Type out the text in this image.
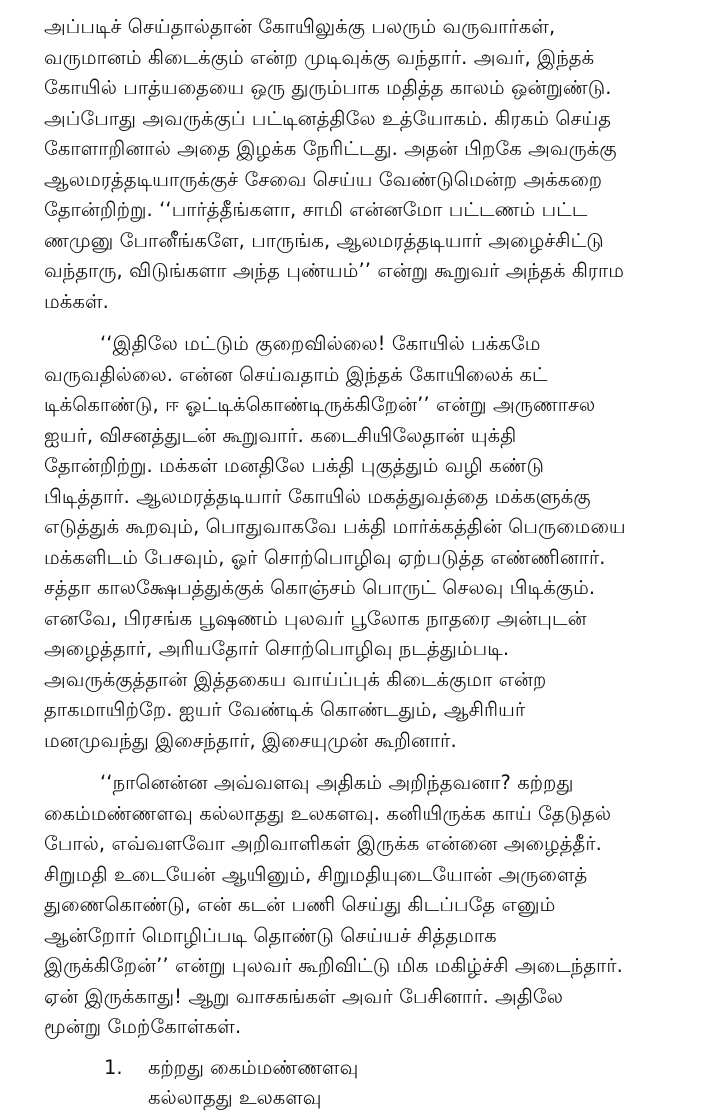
அப்படிச் செய்தால்தான் கோயிலுக்கு பலரும் வருவார்கள்,
வருமானம் கிடைக்கும் என்ற முடிவுக்கு வந்தார். அவர், இந்தக்
கோயில் பாத்யதையை ஒரு துரும்பாக மதித்த காலம் ஒன்றுண்டு.
அப்போது அவருக்குப் பட்டினத்திலே உத்யோகம். கிரகம் செய்த
கோளாறினால் அதை இழக்க நேரிட்டது. அதன் பிறகே அவருக்கு
ஆலமரத்தடியாருக்குச் சேவை செய்ய வேண்டுமென்ற அக்கறை
தோன்றிற்று. ‘‘பார்த்தீங்களா, சாமி என்னமோ பட்டணம் பட்ட
ணமுனு போனீங்களே, பாருங்க, ஆலமரத்தடியார் அழைச்சிட்டு
வந்தாரு, விடுங்களா அந்த புண்யம்’’ என்று கூறுவர் அந்தக் கிராம
மக்கள்.
‘‘இதிலே மட்டும் குறைவில்லை! கோயில் பக்கமே
வருவதில்லை. என்ன செய்வதாம் இந்தக் கோயிலைக் கட்
டிக்கொண்டு, ஈ ஓட்டிக்கொண்டிருக்கிறேன்’’ என்று அருணாசல
ஐயர், விசனத்துடன் கூறுவார். கடைசியிலேதான் யுக்தி
தோன்றிற்று. மக்கள் மனதிலே பக்தி புகுத்தும் வழி கண்டு
பிடித்தார். ஆலமரத்தடியார் கோயில் மகத்துவத்தை மக்களுக்கு
எடுத்துக் கூறவும், பொதுவாகவே பக்தி மார்க்கத்தின் பெருமையை
மக்களிடம் பேசவும், ஓர் சொற்பொழிவு ஏற்படுத்த எண்ணினார்.
சத்தா காலக்ஷேபத்துக்குக் கொஞ்சம் பொருட் செலவு பிடிக்கும்.
எனவே, பிரசங்க பூஷணம் புலவர் பூலோக நாதரை அன்புடன்
அழைத்தார், அரியதோர் சொற்பொழிவு நடத்தும்படி.
அவருக்குத்தான் இத்தகைய வாய்ப்புக் கிடைக்குமா என்ற
தாகமாயிற்றே. ஐயர் வேண்டிக் கொண்டதும், ஆசிரியர்
மனமுவந்து இசைந்தார், இசையுமுன் கூறினார்.
‘‘நானென்ன அவ்வளவு அதிகம் அறிந்தவனா? கற்றது
கைம்மண்ணளவு கல்லாதது உலகளவு. கனியிருக்க காய் தேடுதல்
போல், எவ்வளவோ அறிவாளிகள் இருக்க என்னை அழைத்தீர்.
சிறுமதி உடையேன் ஆயினும், சிறுமதியுடையோன் அருளைத்
துணைகொண்டு, என் கடன் பணி செய்து கிடப்பதே எனும்
ஆன்றோர் மொழிப்படி தொண்டு செய்யச் சித்தமாக
இருக்கிறேன்’’ என்று புலவர் கூறிவிட்டு மிக மகிழ்ச்சி அடைந்தார்.
ஏன் இருக்காது! ஆறு வாசகங்கள் அவர் பேசினார். அதிலே
மூன்று மேற்கோள்கள்.
1.	கற்றது கைம்மண்ணளவு
கல்லாதது உலகளவு
